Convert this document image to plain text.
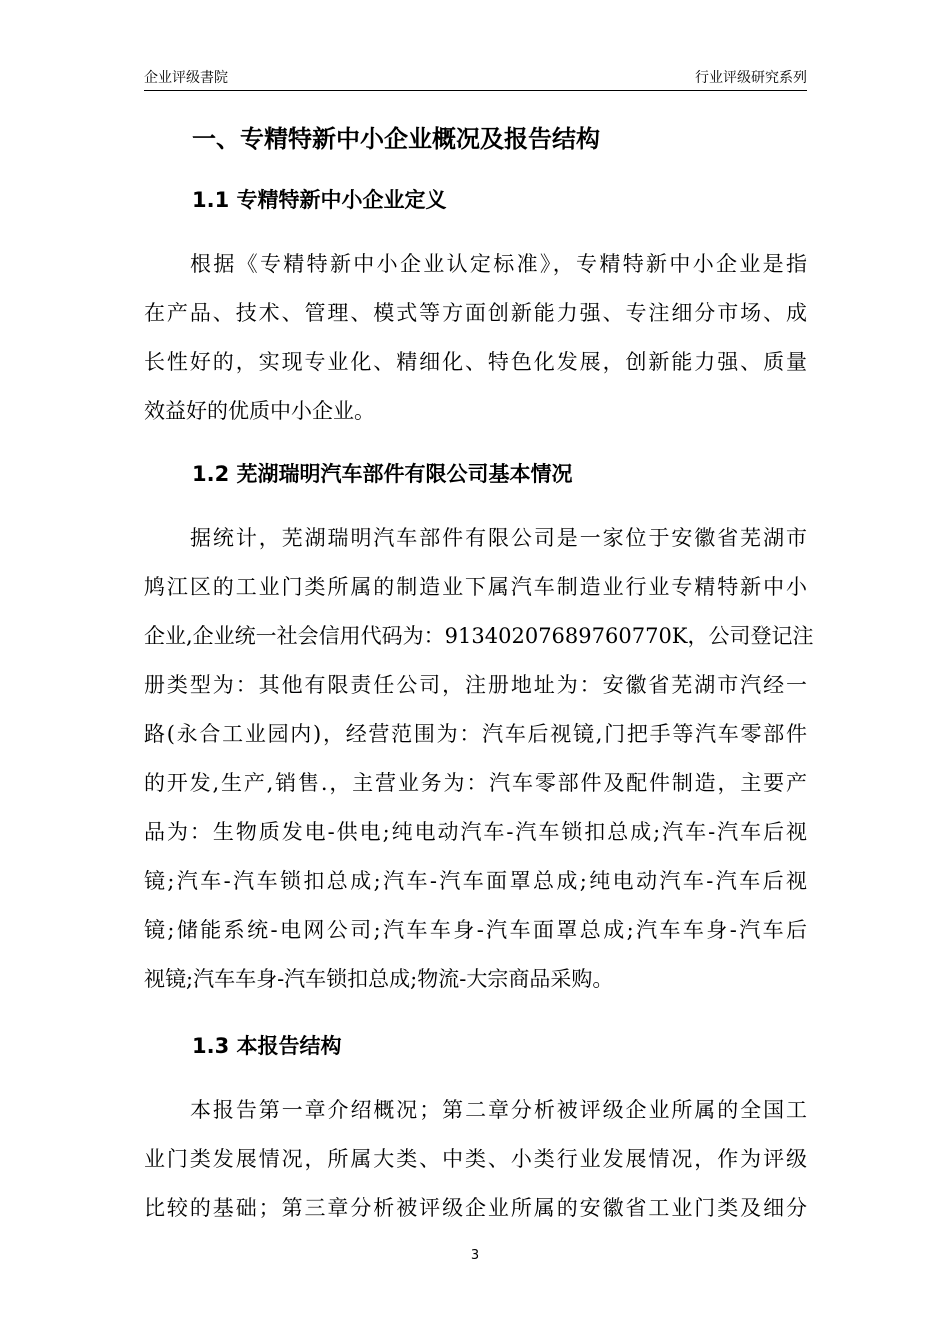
企业评级書院	行业评级研究系列
一、专精特新中小企业概况及报告结构
1.1 专精特新中小企业定义
根据《专精特新中小企业认定标准》，专精特新中小企业是指
在产品、技术、管理、模式等方面创新能力强、专注细分市场、成
长性好的，实现专业化、精细化、特色化发展，创新能力强、质量
效益好的优质中小企业。
1.2 芜湖瑞明汽车部件有限公司基本情况
据统计，芜湖瑞明汽车部件有限公司是一家位于安徽省芜湖市
鸠江区的工业门类所属的制造业下属汽车制造业行业专精特新中小
企业,企业统一社会信用代码为：91340207689760770K，公司登记注
册类型为：其他有限责任公司，注册地址为：安徽省芜湖市汽经一
路(永合工业园内)，经营范围为：汽车后视镜,门把手等汽车零部件
的开发,生产,销售.，主营业务为：汽车零部件及配件制造，主要产
品为：生物质发电-供电;纯电动汽车-汽车锁扣总成;汽车-汽车后视
镜;汽车-汽车锁扣总成;汽车-汽车面罩总成;纯电动汽车-汽车后视
镜;储能系统-电网公司;汽车车身-汽车面罩总成;汽车车身-汽车后
视镜;汽车车身-汽车锁扣总成;物流-大宗商品采购。
1.3 本报告结构
本报告第一章介绍概况；第二章分析被评级企业所属的全国工
业门类发展情况，所属大类、中类、小类行业发展情况，作为评级
比较的基础；第三章分析被评级企业所属的安徽省工业门类及细分
3
